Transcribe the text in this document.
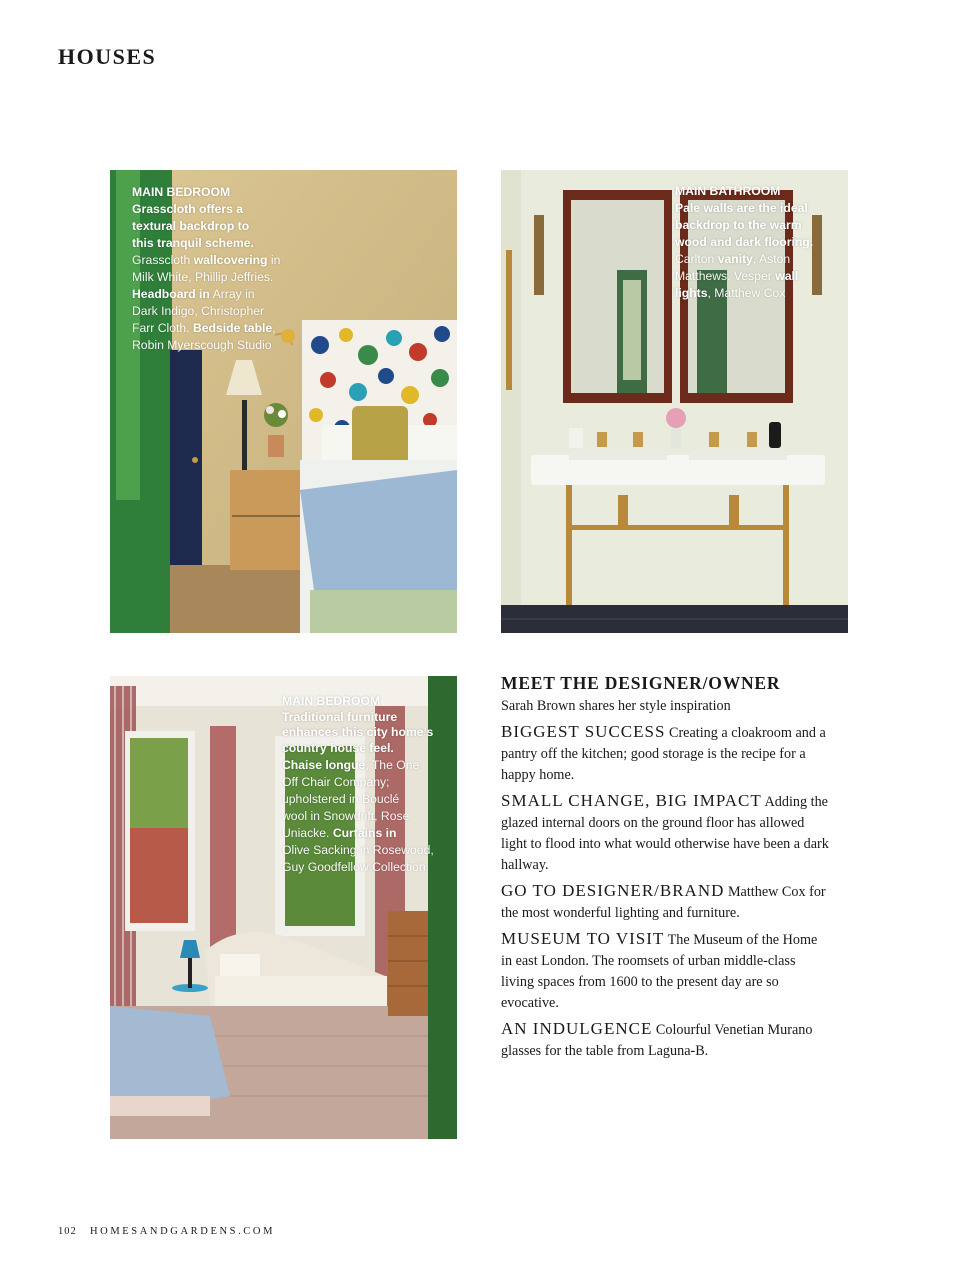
HOUSES
MAIN BEDROOM
Grasscloth offers a
textural backdrop to
this tranquil scheme.
Grasscloth wallcovering in
Milk White, Phillip Jeffries.
Headboard in Array in
Dark Indigo, Christopher
Farr Cloth. Bedside table,
Robin Myerscough Studio
MAIN BATHROOM
Pale walls are the ideal
backdrop to the warm
wood and dark flooring.
Carlton vanity, Aston
Matthews. Vesper wall
lights, Matthew Cox
MAIN BEDROOM
Traditional furniture
enhances this city home’s
country house feel.
Chaise longue, The One
Off Chair Company;
upholstered in Bouclé
wool in Snowdrift, Rose
Uniacke. Curtains in
Olive Sacking in Rosewood,
Guy Goodfellow Collection
MEET THE DESIGNER/OWNER

Sarah Brown shares her style inspiration

BIGGEST SUCCESS Creating a cloakroom and a pantry off the kitchen; good storage is the recipe for a happy home.

SMALL CHANGE, BIG IMPACT Adding the glazed internal doors on the ground floor has allowed light to flood into what would otherwise have been a dark hallway.

GO TO DESIGNER/BRAND Matthew Cox for the most wonderful lighting and furniture.

MUSEUM TO VISIT The Museum of the Home in east London. The roomsets of urban middle-class living spaces from 1600 to the present day are so evocative.

AN INDULGENCE Colourful Venetian Murano glasses for the table from Laguna-B.

102 HOMESANDGARDENS.COM
